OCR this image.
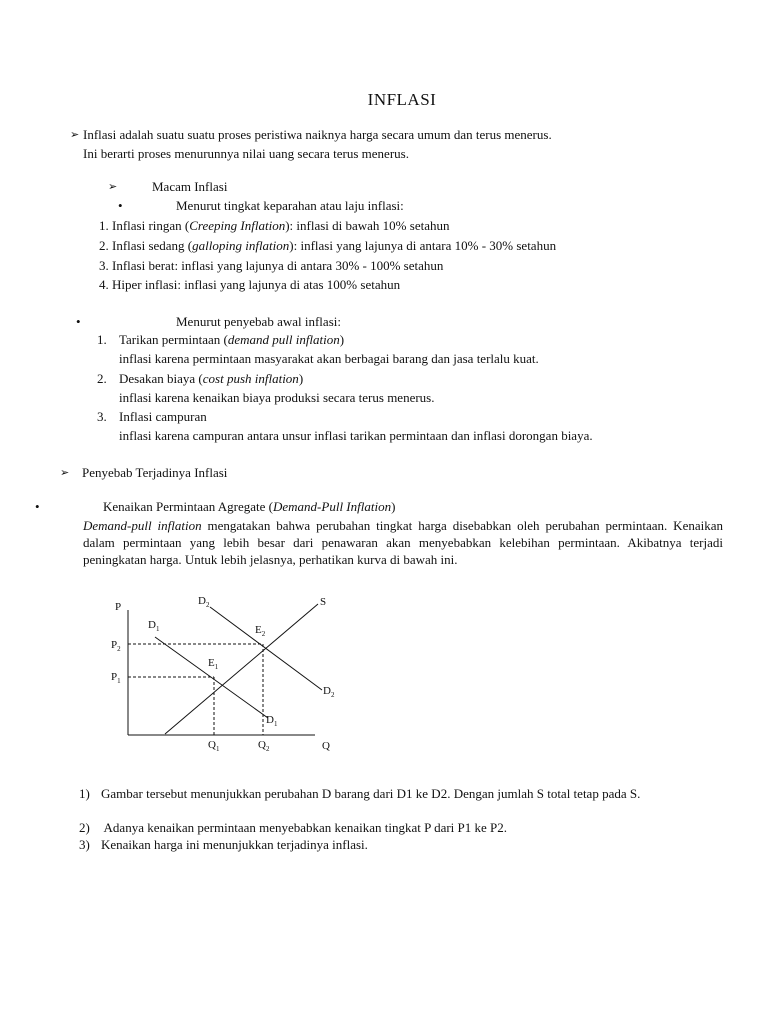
INFLASI
➢ Inflasi adalah suatu suatu proses peristiwa naiknya harga secara umum dan terus menerus.
Ini berarti proses menurunnya nilai uang secara terus menerus.
➢	Macam Inflasi
•	Menurut tingkat keparahan atau laju inflasi:
1. Inflasi ringan (Creeping Inflation): inflasi di bawah 10% setahun
2. Inflasi sedang (galloping inflation): inflasi yang lajunya di antara 10% - 30% setahun
3. Inflasi berat: inflasi yang lajunya di antara 30% - 100% setahun
4. Hiper inflasi: inflasi yang lajunya di atas 100% setahun
•	Menurut penyebab awal inflasi:
1. Tarikan permintaan (demand pull inflation)
inflasi karena permintaan masyarakat akan berbagai barang dan jasa terlalu kuat.
2. Desakan biaya (cost push inflation)
inflasi karena kenaikan biaya produksi secara terus menerus.
3. Inflasi campuran
inflasi karena campuran antara unsur inflasi tarikan permintaan dan inflasi dorongan biaya.
➢ Penyebab Terjadinya Inflasi
•	Kenaikan Permintaan Agregate (Demand-Pull Inflation)
Demand-pull inflation mengatakan bahwa perubahan tingkat harga disebabkan oleh perubahan permintaan. Kenaikan dalam permintaan yang lebih besar dari penawaran akan menyebabkan kelebihan permintaan. Akibatnya terjadi peningkatan harga. Untuk lebih jelasnya, perhatikan kurva di bawah ini.
P
Q
S
$P_2$
$P_1$
$Q_1$	$Q_2$
$D_2$
$D_1$
$D_2$
$D_1$
$E_2$
$E_1$
1) Gambar tersebut menunjukkan perubahan D barang dari D1 ke D2. Dengan jumlah S total tetap pada S.
2) Adanya kenaikan permintaan menyebabkan kenaikan tingkat P dari P1 ke P2.
3) Kenaikan harga ini menunjukkan terjadinya inflasi.
